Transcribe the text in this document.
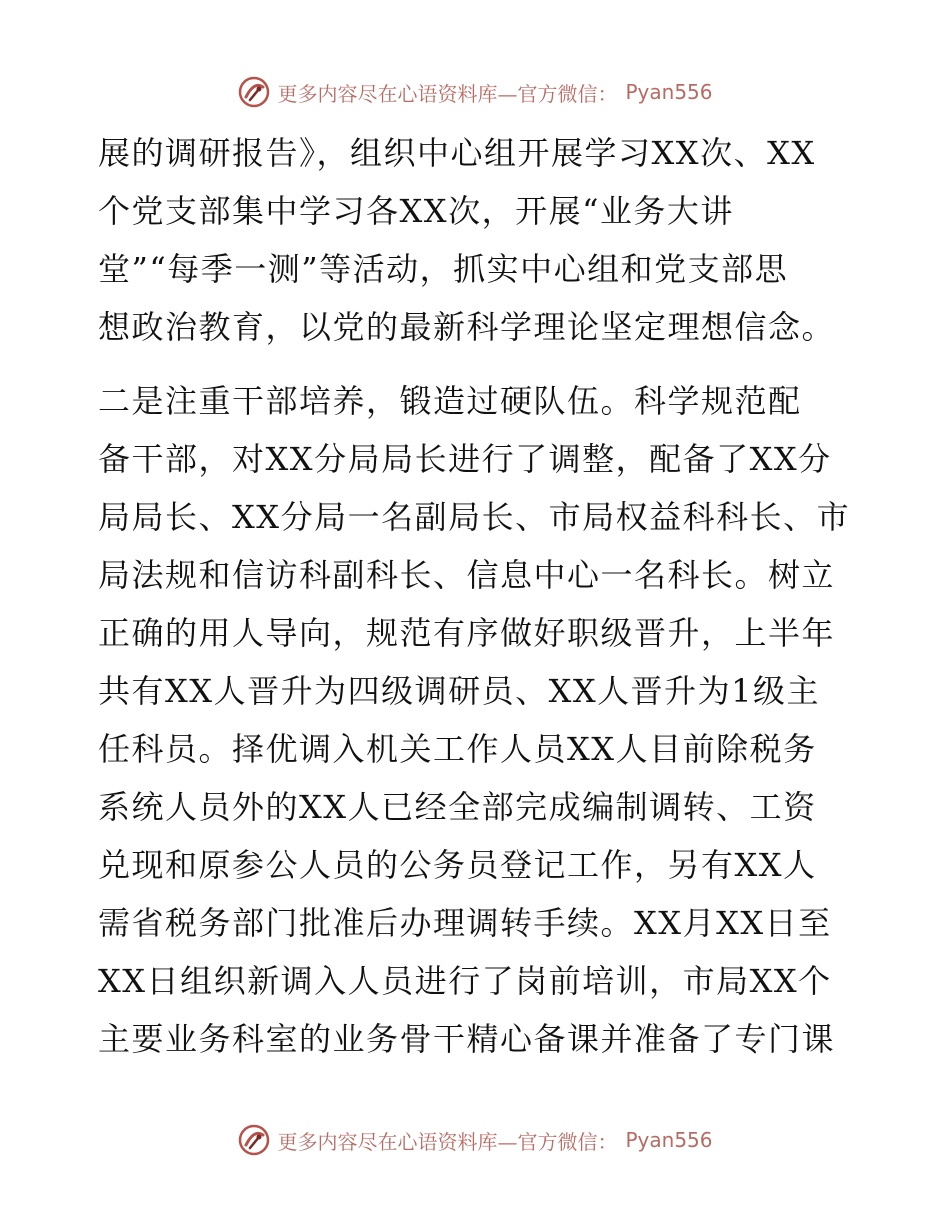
更多内容尽在心语资料库—官方微信： Pyan556
展的调研报告》，组织中心组开展学习XX次、XX
个党支部集中学习各XX次，开展“业务大讲
堂”“每季一测”等活动，抓实中心组和党支部思
想政治教育，以党的最新科学理论坚定理想信念。
二是注重干部培养，锻造过硬队伍。科学规范配
备干部，对XX分局局长进行了调整，配备了XX分
局局长、XX分局一名副局长、市局权益科科长、市
局法规和信访科副科长、信息中心一名科长。树立
正确的用人导向，规范有序做好职级晋升，上半年
共有XX人晋升为四级调研员、XX人晋升为1级主
任科员。择优调入机关工作人员XX人目前除税务
系统人员外的XX人已经全部完成编制调转、工资
兑现和原参公人员的公务员登记工作，另有XX人
需省税务部门批准后办理调转手续。XX月XX日至
XX日组织新调入人员进行了岗前培训，市局XX个
主要业务科室的业务骨干精心备课并准备了专门课
更多内容尽在心语资料库—官方微信： Pyan556
